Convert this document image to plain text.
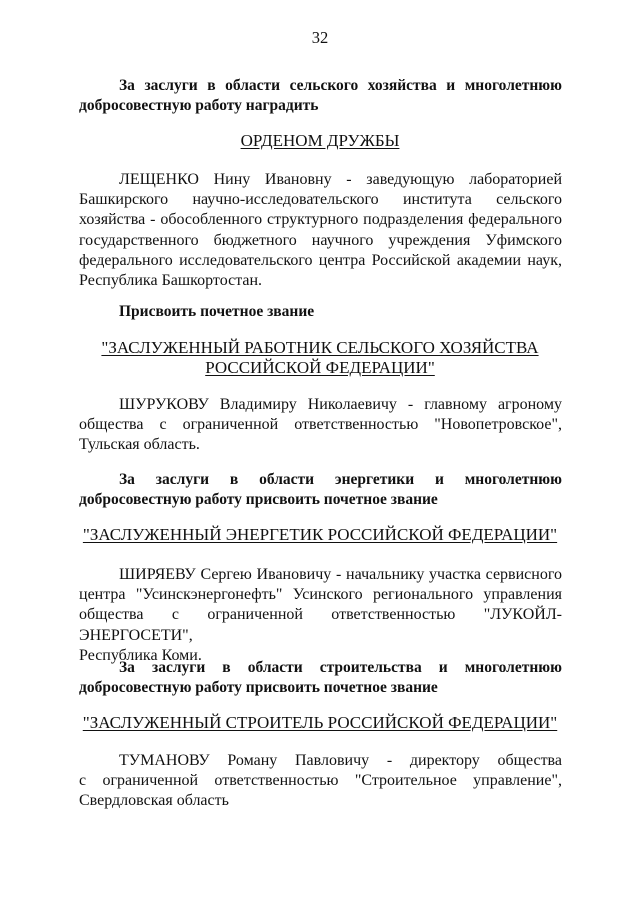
32
За заслуги в области сельского хозяйства и многолетнюю
добросовестную работу наградить
ОРДЕНОМ ДРУЖБЫ
ЛЕЩЕНКО Нину Ивановну - заведующую лабораторией
Башкирского научно-исследовательского института сельского
хозяйства - обособленного структурного подразделения федерального
государственного бюджетного научного учреждения Уфимского
федерального исследовательского центра Российской академии наук,
Республика Башкортостан.
Присвоить почетное звание
"ЗАСЛУЖЕННЫЙ РАБОТНИК СЕЛЬСКОГО ХОЗЯЙСТВА
РОССИЙСКОЙ ФЕДЕРАЦИИ"
ШУРУКОВУ Владимиру Николаевичу - главному агроному
общества с ограниченной ответственностью "Новопетровское",
Тульская область.
За заслуги в области энергетики и многолетнюю
добросовестную работу присвоить почетное звание
"ЗАСЛУЖЕННЫЙ ЭНЕРГЕТИК РОССИЙСКОЙ ФЕДЕРАЦИИ"
ШИРЯЕВУ Сергею Ивановичу - начальнику участка сервисного
центра "Усинскэнергонефть" Усинского регионального управления
общества с ограниченной ответственностью "ЛУКОЙЛ-ЭНЕРГОСЕТИ",
Республика Коми.
За заслуги в области строительства и многолетнюю
добросовестную работу присвоить почетное звание
"ЗАСЛУЖЕННЫЙ СТРОИТЕЛЬ РОССИЙСКОЙ ФЕДЕРАЦИИ"
ТУМАНОВУ Роману Павловичу - директору общества
с ограниченной ответственностью "Строительное управление",
Свердловская область
